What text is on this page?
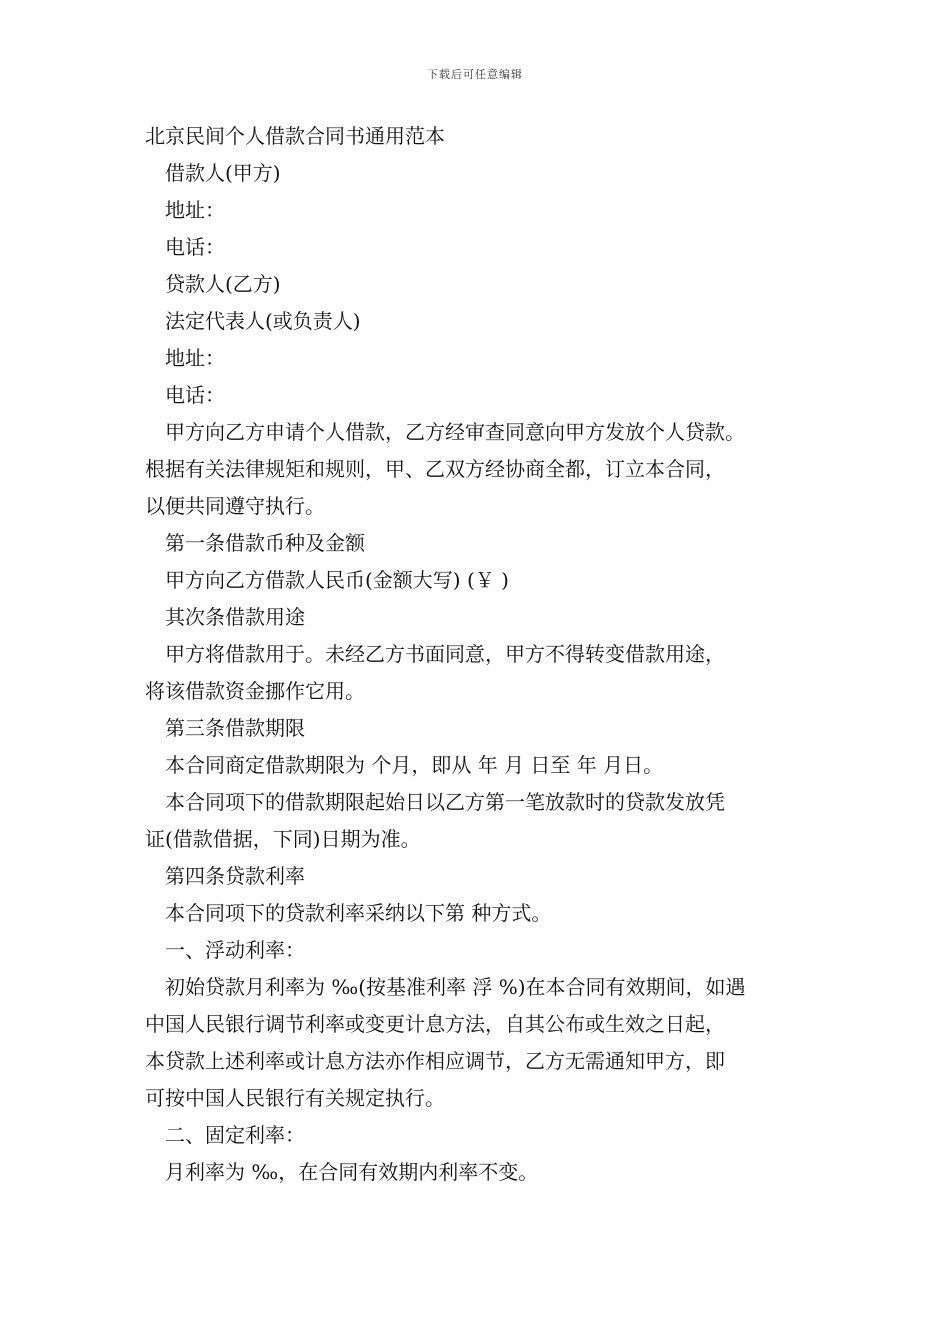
下载后可任意编辑
北京民间个人借款合同书通用范本
借款人(甲方)
地址：
电话：
贷款人(乙方)
法定代表人(或负责人)
地址：
电话：
甲方向乙方申请个人借款，乙方经审查同意向甲方发放个人贷款。
根据有关法律规矩和规则，甲、乙双方经协商全都，订立本合同，
以便共同遵守执行。
第一条借款币种及金额
甲方向乙方借款人民币(金额大写) (￥ )
其次条借款用途
甲方将借款用于。未经乙方书面同意，甲方不得转变借款用途，
将该借款资金挪作它用。
第三条借款期限
本合同商定借款期限为 个月，即从 年 月 日至 年 月日。
本合同项下的借款期限起始日以乙方第一笔放款时的贷款发放凭
证(借款借据，下同)日期为准。
第四条贷款利率
本合同项下的贷款利率采纳以下第 种方式。
一、浮动利率：
初始贷款月利率为 ‰(按基准利率 浮 %)在本合同有效期间，如遇
中国人民银行调节利率或变更计息方法，自其公布或生效之日起，
本贷款上述利率或计息方法亦作相应调节，乙方无需通知甲方，即
可按中国人民银行有关规定执行。
二、固定利率：
月利率为 ‰，在合同有效期内利率不变。
